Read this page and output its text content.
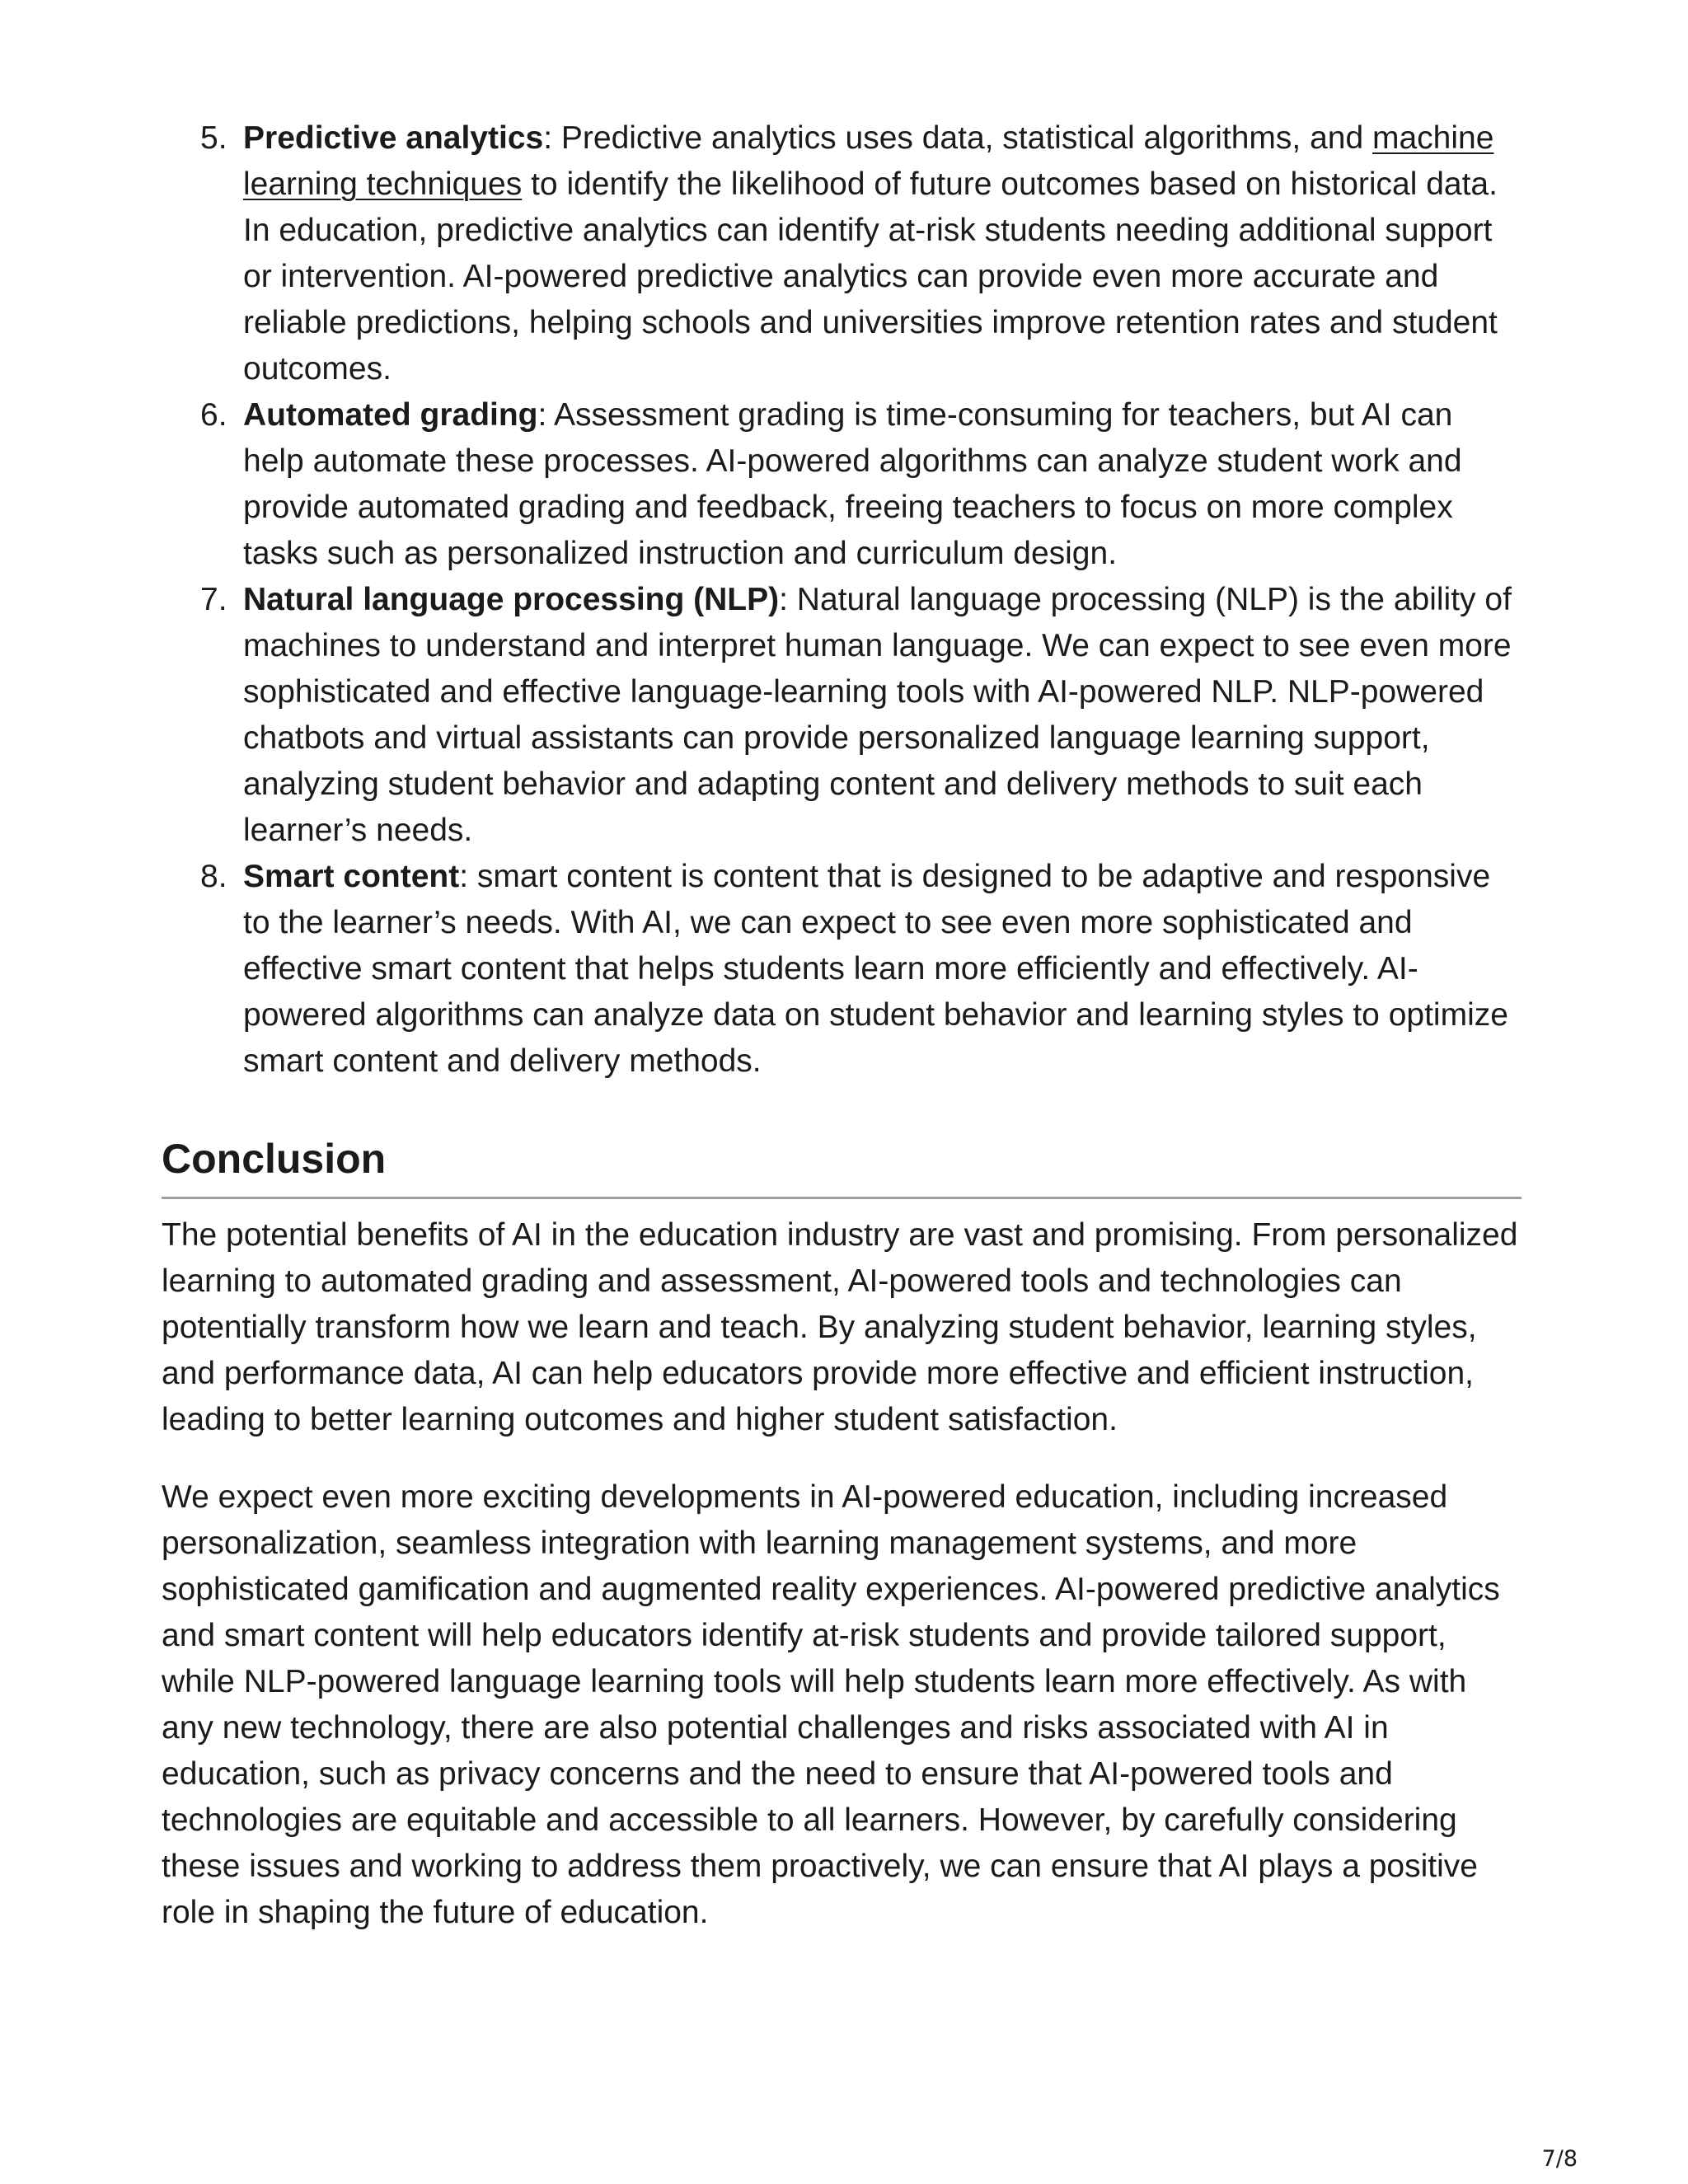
5. Predictive analytics: Predictive analytics uses data, statistical algorithms, and machine learning techniques to identify the likelihood of future outcomes based on historical data. In education, predictive analytics can identify at-risk students needing additional support or intervention. AI-powered predictive analytics can provide even more accurate and reliable predictions, helping schools and universities improve retention rates and student outcomes.
6. Automated grading: Assessment grading is time-consuming for teachers, but AI can help automate these processes. AI-powered algorithms can analyze student work and provide automated grading and feedback, freeing teachers to focus on more complex tasks such as personalized instruction and curriculum design.
7. Natural language processing (NLP): Natural language processing (NLP) is the ability of machines to understand and interpret human language. We can expect to see even more sophisticated and effective language-learning tools with AI-powered NLP. NLP-powered chatbots and virtual assistants can provide personalized language learning support, analyzing student behavior and adapting content and delivery methods to suit each learner’s needs.
8. Smart content: smart content is content that is designed to be adaptive and responsive to the learner’s needs. With AI, we can expect to see even more sophisticated and effective smart content that helps students learn more efficiently and effectively. AI-powered algorithms can analyze data on student behavior and learning styles to optimize smart content and delivery methods.
Conclusion

The potential benefits of AI in the education industry are vast and promising. From personalized learning to automated grading and assessment, AI-powered tools and technologies can potentially transform how we learn and teach. By analyzing student behavior, learning styles, and performance data, AI can help educators provide more effective and efficient instruction, leading to better learning outcomes and higher student satisfaction.

We expect even more exciting developments in AI-powered education, including increased personalization, seamless integration with learning management systems, and more sophisticated gamification and augmented reality experiences. AI-powered predictive analytics and smart content will help educators identify at-risk students and provide tailored support, while NLP-powered language learning tools will help students learn more effectively. As with any new technology, there are also potential challenges and risks associated with AI in education, such as privacy concerns and the need to ensure that AI-powered tools and technologies are equitable and accessible to all learners. However, by carefully considering these issues and working to address them proactively, we can ensure that AI plays a positive role in shaping the future of education.

7/8
